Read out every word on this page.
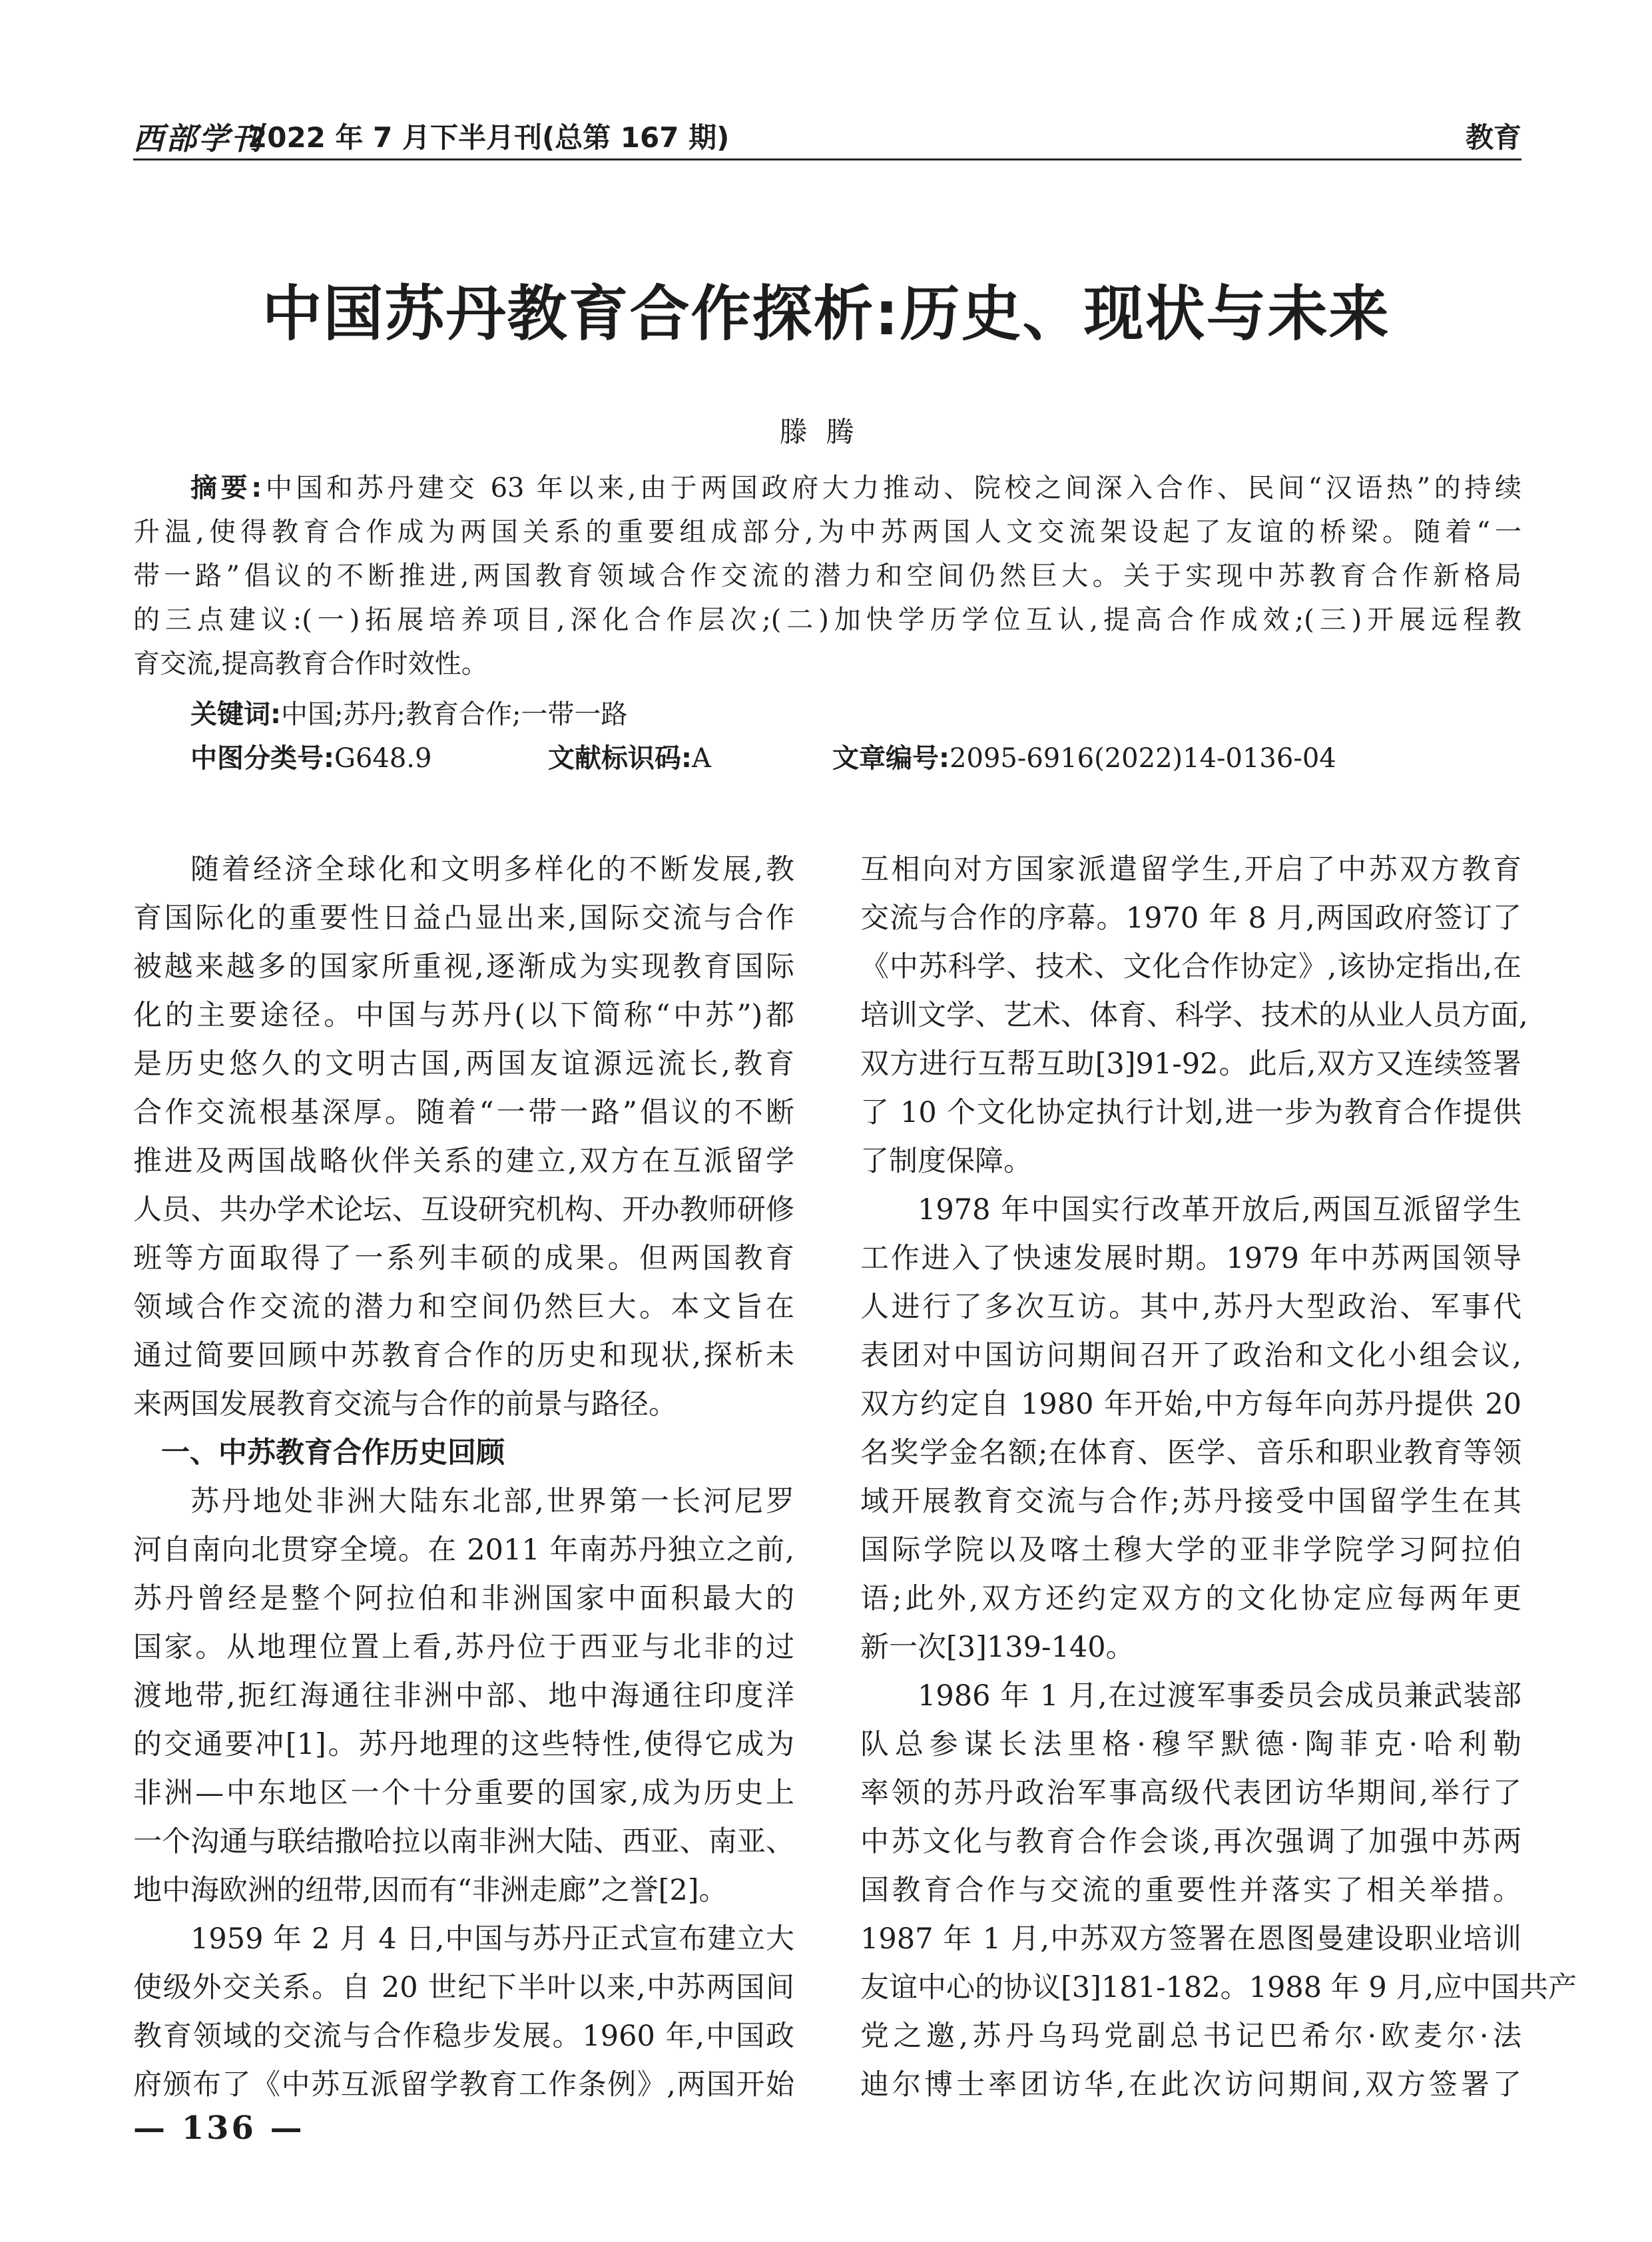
西部学刊
2022 年 7 月下半月刊(总第 167 期)	教育
中国苏丹教育合作探析:历史、现状与未来
滕腾
摘要:中国和苏丹建交 63 年以来,由于两国政府大力推动、院校之间深入合作、民间“汉语热”的持续
升温,使得教育合作成为两国关系的重要组成部分,为中苏两国人文交流架设起了友谊的桥梁。随着“一
带一路”倡议的不断推进,两国教育领域合作交流的潜力和空间仍然巨大。关于实现中苏教育合作新格局
的三点建议:(一)拓展培养项目,深化合作层次;(二)加快学历学位互认,提高合作成效;(三)开展远程教
育交流,提高教育合作时效性。
关键词:中国;苏丹;教育合作;一带一路
中图分类号:G648.9	文献标识码:A	文章编号:2095-6916(2022)14-0136-04
随着经济全球化和文明多样化的不断发展,教
育国际化的重要性日益凸显出来,国际交流与合作
被越来越多的国家所重视,逐渐成为实现教育国际
化的主要途径。中国与苏丹(以下简称“中苏”)都
是历史悠久的文明古国,两国友谊源远流长,教育
合作交流根基深厚。随着“一带一路”倡议的不断
推进及两国战略伙伴关系的建立,双方在互派留学
人员、共办学术论坛、互设研究机构、开办教师研修
班等方面取得了一系列丰硕的成果。但两国教育
领域合作交流的潜力和空间仍然巨大。本文旨在
通过简要回顾中苏教育合作的历史和现状,探析未
来两国发展教育交流与合作的前景与路径。
一、中苏教育合作历史回顾
苏丹地处非洲大陆东北部,世界第一长河尼罗
河自南向北贯穿全境。在 2011 年南苏丹独立之前,
苏丹曾经是整个阿拉伯和非洲国家中面积最大的
国家。从地理位置上看,苏丹位于西亚与北非的过
渡地带,扼红海通往非洲中部、地中海通往印度洋
的交通要冲[1]。苏丹地理的这些特性,使得它成为
非洲—中东地区一个十分重要的国家,成为历史上
一个沟通与联结撒哈拉以南非洲大陆、西亚、南亚、
地中海欧洲的纽带,因而有“非洲走廊”之誉[2]。
1959 年 2 月 4 日,中国与苏丹正式宣布建立大
使级外交关系。自 20 世纪下半叶以来,中苏两国间
教育领域的交流与合作稳步发展。1960 年,中国政
府颁布了《中苏互派留学教育工作条例》,两国开始
互相向对方国家派遣留学生,开启了中苏双方教育
交流与合作的序幕。1970 年 8 月,两国政府签订了
《中苏科学、技术、文化合作协定》,该协定指出,在
培训文学、艺术、体育、科学、技术的从业人员方面,
双方进行互帮互助[3]91-92。此后,双方又连续签署
了 10 个文化协定执行计划,进一步为教育合作提供
了制度保障。
1978 年中国实行改革开放后,两国互派留学生
工作进入了快速发展时期。1979 年中苏两国领导
人进行了多次互访。其中,苏丹大型政治、军事代
表团对中国访问期间召开了政治和文化小组会议,
双方约定自 1980 年开始,中方每年向苏丹提供 20
名奖学金名额;在体育、医学、音乐和职业教育等领
域开展教育交流与合作;苏丹接受中国留学生在其
国际学院以及喀土穆大学的亚非学院学习阿拉伯
语;此外,双方还约定双方的文化协定应每两年更
新一次[3]139-140。
1986 年 1 月,在过渡军事委员会成员兼武装部
队总参谋长法里格·穆罕默德·陶菲克·哈利勒
率领的苏丹政治军事高级代表团访华期间,举行了
中苏文化与教育合作会谈,再次强调了加强中苏两
国教育合作与交流的重要性并落实了相关举措。
1987 年 1 月,中苏双方签署在恩图曼建设职业培训
友谊中心的协议[3]181-182。1988 年 9 月,应中国共产
党之邀,苏丹乌玛党副总书记巴希尔·欧麦尔·法
迪尔博士率团访华,在此次访问期间,双方签署了
— 136 —
